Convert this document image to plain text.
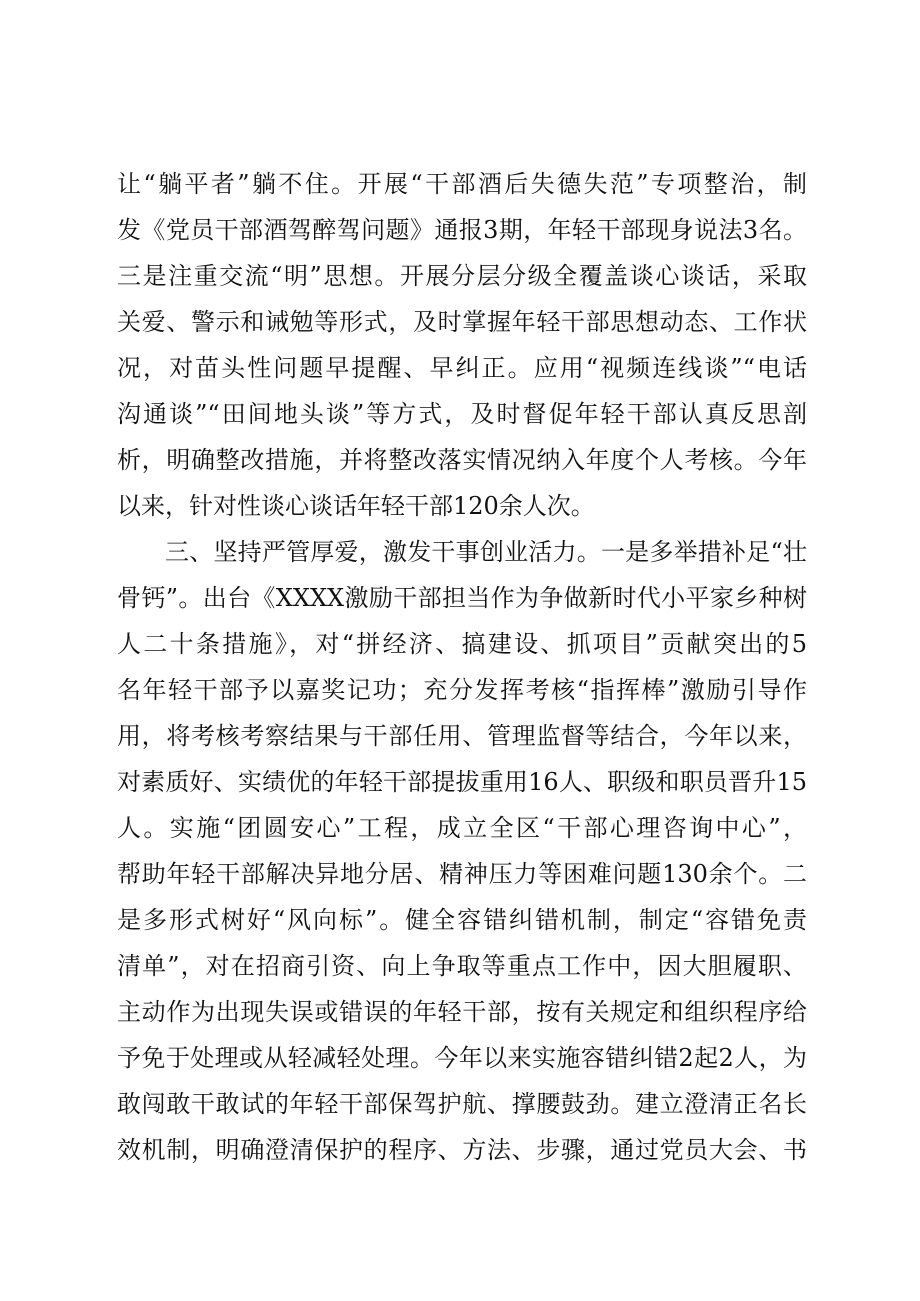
让“躺平者”躺不住。开展“干部酒后失德失范”专项整治，制
发《党员干部酒驾醉驾问题》通报3期，年轻干部现身说法3名。
三是注重交流“明”思想。开展分层分级全覆盖谈心谈话，采取
关爱、警示和诫勉等形式，及时掌握年轻干部思想动态、工作状
况，对苗头性问题早提醒、早纠正。应用“视频连线谈”“电话
沟通谈”“田间地头谈”等方式，及时督促年轻干部认真反思剖
析，明确整改措施，并将整改落实情况纳入年度个人考核。今年
以来，针对性谈心谈话年轻干部120余人次。
三、坚持严管厚爱，激发干事创业活力。一是多举措补足“壮
骨钙”。出台《XXXX激励干部担当作为争做新时代小平家乡种树
人二十条措施》，对“拼经济、搞建设、抓项目”贡献突出的5
名年轻干部予以嘉奖记功；充分发挥考核“指挥棒”激励引导作
用，将考核考察结果与干部任用、管理监督等结合，今年以来，
对素质好、实绩优的年轻干部提拔重用16人、职级和职员晋升15
人。实施“团圆安心”工程，成立全区“干部心理咨询中心”，
帮助年轻干部解决异地分居、精神压力等困难问题130余个。二
是多形式树好“风向标”。健全容错纠错机制，制定“容错免责
清单”，对在招商引资、向上争取等重点工作中，因大胆履职、
主动作为出现失误或错误的年轻干部，按有关规定和组织程序给
予免于处理或从轻减轻处理。今年以来实施容错纠错2起2人，为
敢闯敢干敢试的年轻干部保驾护航、撑腰鼓劲。建立澄清正名长
效机制，明确澄清保护的程序、方法、步骤，通过党员大会、书
